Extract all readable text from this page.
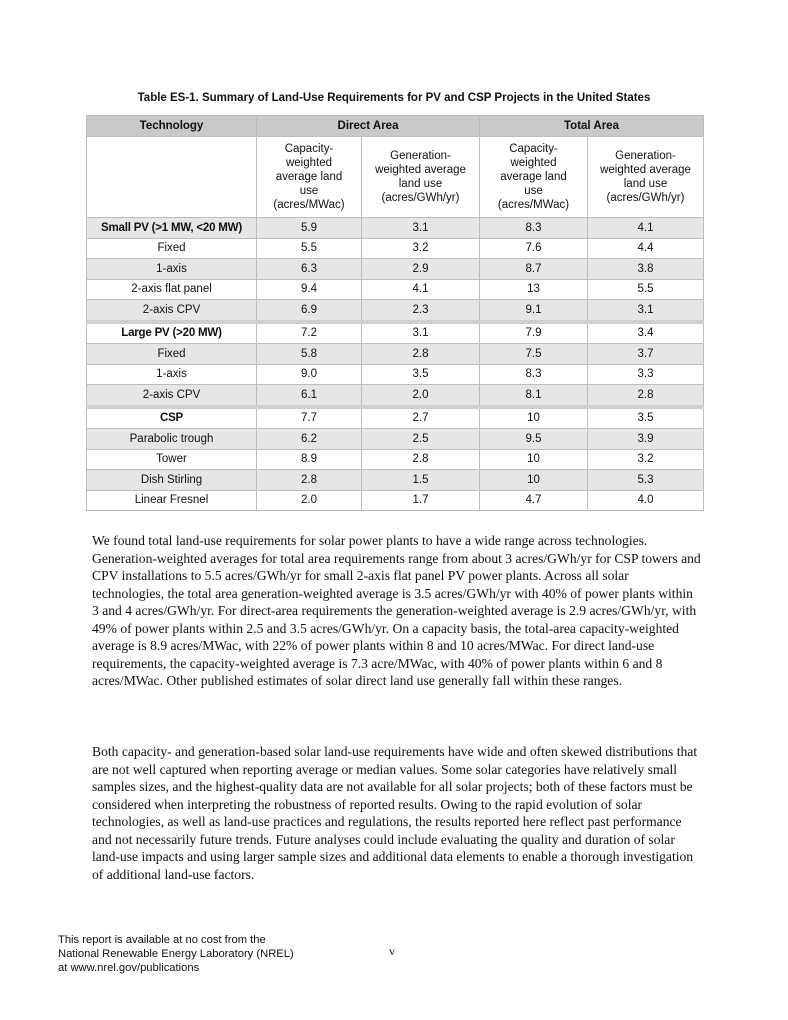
Table ES-1. Summary of Land-Use Requirements for PV and CSP Projects in the United States
Technology	Direct Area		Total Area	
	Capacity-
weighted
average land
use
(acres/MWac)	Generation-
weighted average
land use
(acres/GWh/yr)	Capacity-
weighted
average land
use
(acres/MWac)	Generation-
weighted average
land use
(acres/GWh/yr)
Small PV (>1 MW, <20 MW)	5.9	3.1	8.3	4.1
Fixed	5.5	3.2	7.6	4.4
1-axis	6.3	2.9	8.7	3.8
2-axis flat panel	9.4	4.1	13	5.5
2-axis CPV	6.9	2.3	9.1	3.1
Large PV (>20 MW)	7.2	3.1	7.9	3.4
Fixed	5.8	2.8	7.5	3.7
1-axis	9.0	3.5	8.3	3.3
2-axis CPV	6.1	2.0	8.1	2.8
CSP	7.7	2.7	10	3.5
Parabolic trough	6.2	2.5	9.5	3.9
Tower	8.9	2.8	10	3.2
Dish Stirling	2.8	1.5	10	5.3
Linear Fresnel	2.0	1.7	4.7	4.0

We found total land-use requirements for solar power plants to have a wide range across technologies. Generation-weighted averages for total area requirements range from about 3 acres/GWh/yr for CSP towers and CPV installations to 5.5 acres/GWh/yr for small 2-axis flat panel PV power plants. Across all solar technologies, the total area generation-weighted average is 3.5 acres/GWh/yr with 40% of power plants within 3 and 4 acres/GWh/yr. For direct-area requirements the generation-weighted average is 2.9 acres/GWh/yr, with 49% of power plants within 2.5 and 3.5 acres/GWh/yr. On a capacity basis, the total-area capacity-weighted average is 8.9 acres/MWac, with 22% of power plants within 8 and 10 acres/MWac. For direct land-use requirements, the capacity-weighted average is 7.3 acre/MWac, with 40% of power plants within 6 and 8 acres/MWac. Other published estimates of solar direct land use generally fall within these ranges.

Both capacity- and generation-based solar land-use requirements have wide and often skewed distributions that are not well captured when reporting average or median values. Some solar categories have relatively small samples sizes, and the highest-quality data are not available for all solar projects; both of these factors must be considered when interpreting the robustness of reported results. Owing to the rapid evolution of solar technologies, as well as land-use practices and regulations, the results reported here reflect past performance and not necessarily future trends. Future analyses could include evaluating the quality and duration of solar land-use impacts and using larger sample sizes and additional data elements to enable a thorough investigation of additional land-use factors.

This report is available at no cost from the
National Renewable Energy Laboratory (NREL)
at www.nrel.gov/publications
v
